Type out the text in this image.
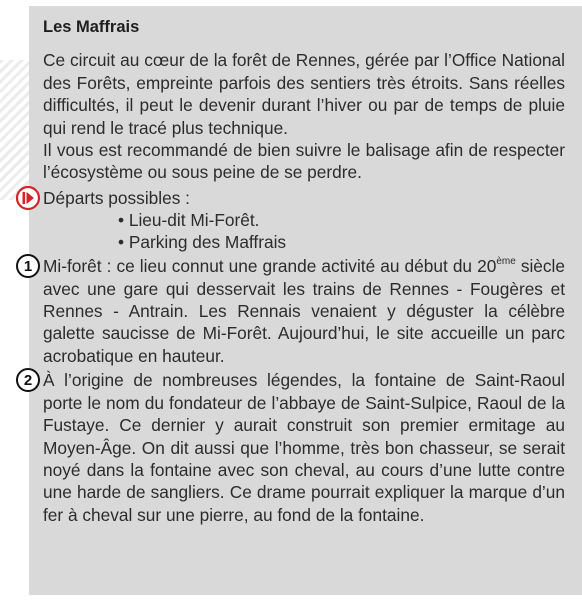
Les Maffrais

Ce circuit au cœur de la forêt de Rennes, gérée par l’Office National des Forêts, empreinte parfois des sentiers très étroits. Sans réelles difficultés, il peut le devenir durant l’hiver ou par de temps de pluie qui rend le tracé plus technique.

Il vous est recommandé de bien suivre le balisage afin de respecter l’écosystème ou sous peine de se perdre.

Départs possibles :
• Lieu-dit Mi-Forêt.
• Parking des Maffrais
1 Mi-forêt : ce lieu connut une grande activité au début du 20ème siècle avec une gare qui desservait les trains de Rennes - Fougères et Rennes - Antrain. Les Rennais venaient y déguster la célèbre galette saucisse de Mi-Forêt. Aujourd’hui, le site accueille un parc acrobatique en hauteur.

2 À l’origine de nombreuses légendes, la fontaine de Saint-Raoul porte le nom du fondateur de l’abbaye de Saint-Sulpice, Raoul de la Fustaye. Ce dernier y aurait construit son premier ermitage au Moyen-Âge. On dit aussi que l’homme, très bon chasseur, se serait noyé dans la fontaine avec son cheval, au cours d’une lutte contre une harde de sangliers. Ce drame pourrait expliquer la marque d’un fer à cheval sur une pierre, au fond de la fontaine.
